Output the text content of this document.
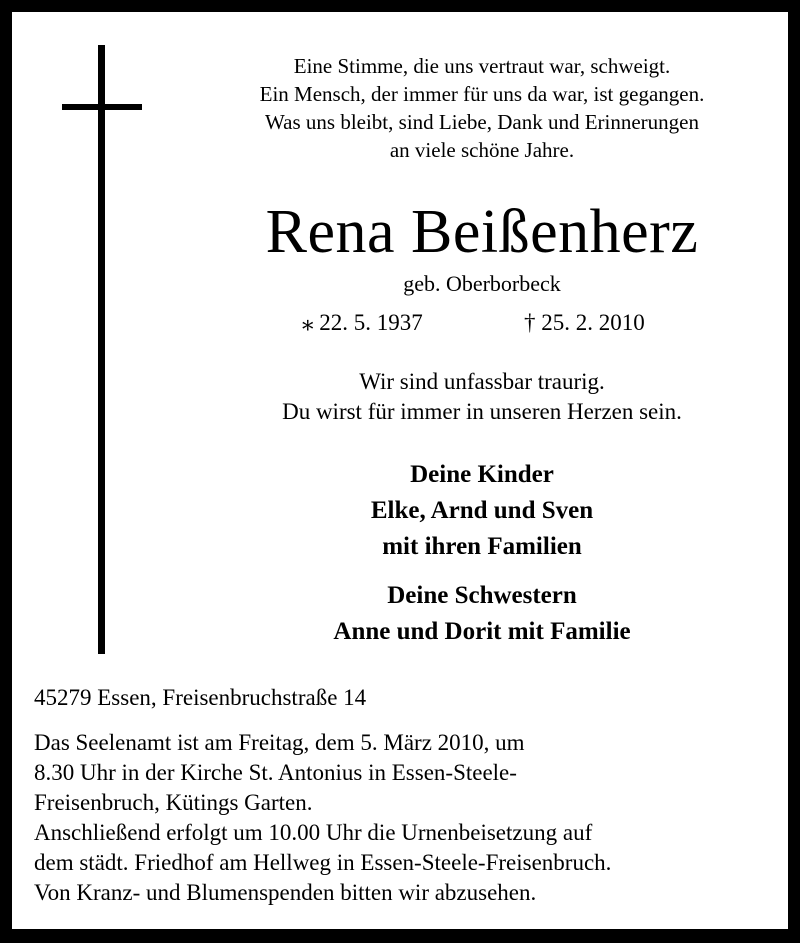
Eine Stimme, die uns vertraut war, schweigt.
Ein Mensch, der immer für uns da war, ist gegangen.
Was uns bleibt, sind Liebe, Dank und Erinnerungen
an viele schöne Jahre.
Rena Beißenherz
geb. Oberborbeck
⁎ 22. 5. 1937	† 25. 2. 2010
Wir sind unfassbar traurig.
Du wirst für immer in unseren Herzen sein.
Deine Kinder
Elke, Arnd und Sven
mit ihren Familien
Deine Schwestern
Anne und Dorit mit Familie
45279 Essen, Freisenbruchstraße 14
Das Seelenamt ist am Freitag, dem 5. März 2010, um
8.30 Uhr in der Kirche St. Antonius in Essen-Steele-
Freisenbruch, Kütings Garten.
Anschließend erfolgt um 10.00 Uhr die Urnenbeisetzung auf
dem städt. Friedhof am Hellweg in Essen-Steele-Freisenbruch.
Von Kranz- und Blumenspenden bitten wir abzusehen.
